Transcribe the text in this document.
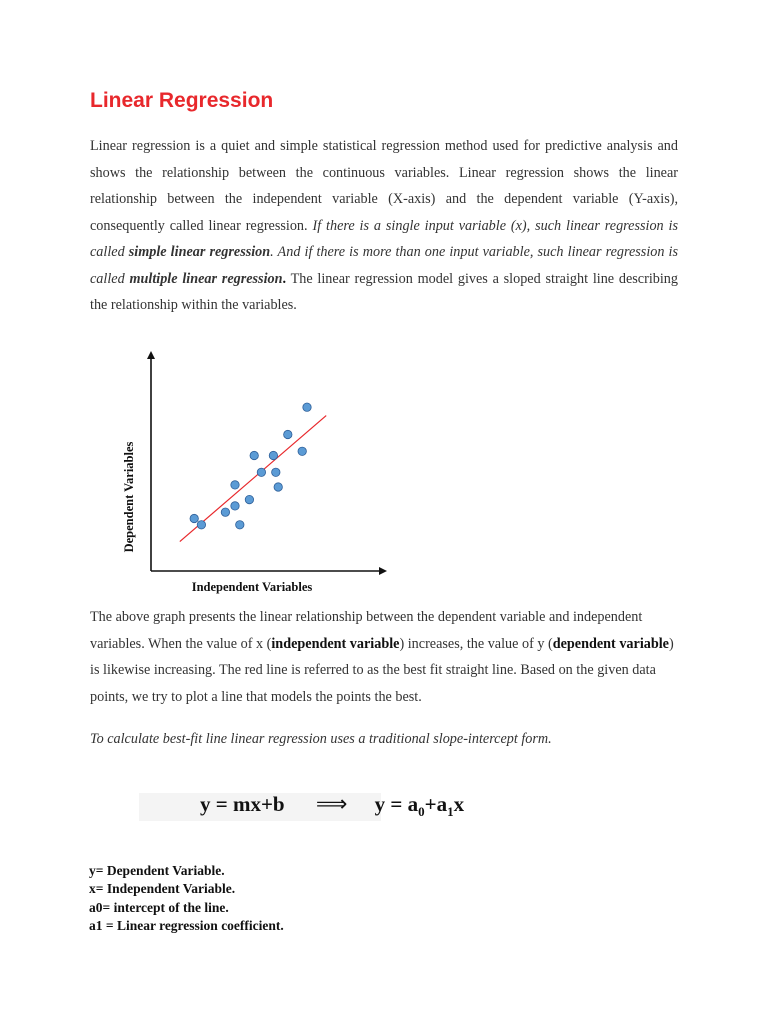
Linear Regression

Linear regression is a quiet and simple statistical regression method used for predictive analysis and shows the relationship between the continuous variables. Linear regression shows the linear relationship between the independent variable (X-axis) and the dependent variable (Y-axis), consequently called linear regression. If there is a single input variable (x), such linear regression is called simple linear regression. And if there is more than one input variable, such linear regression is called multiple linear regression. The linear regression model gives a sloped straight line describing the relationship within the variables.

Dependent Variables
Independent Variables

The above graph presents the linear relationship between the dependent variable and independent variables. When the value of x (independent variable) increases, the value of y (dependent variable) is likewise increasing. The red line is referred to as the best fit straight line. Based on the given data points, we try to plot a line that models the points the best.

To calculate best-fit line linear regression uses a traditional slope-intercept form.

y = mx+b ⟹ $y = a_0+a_1x$
y= Dependent Variable.
x= Independent Variable.
a0= intercept of the line.
a1 = Linear regression coefficient.
